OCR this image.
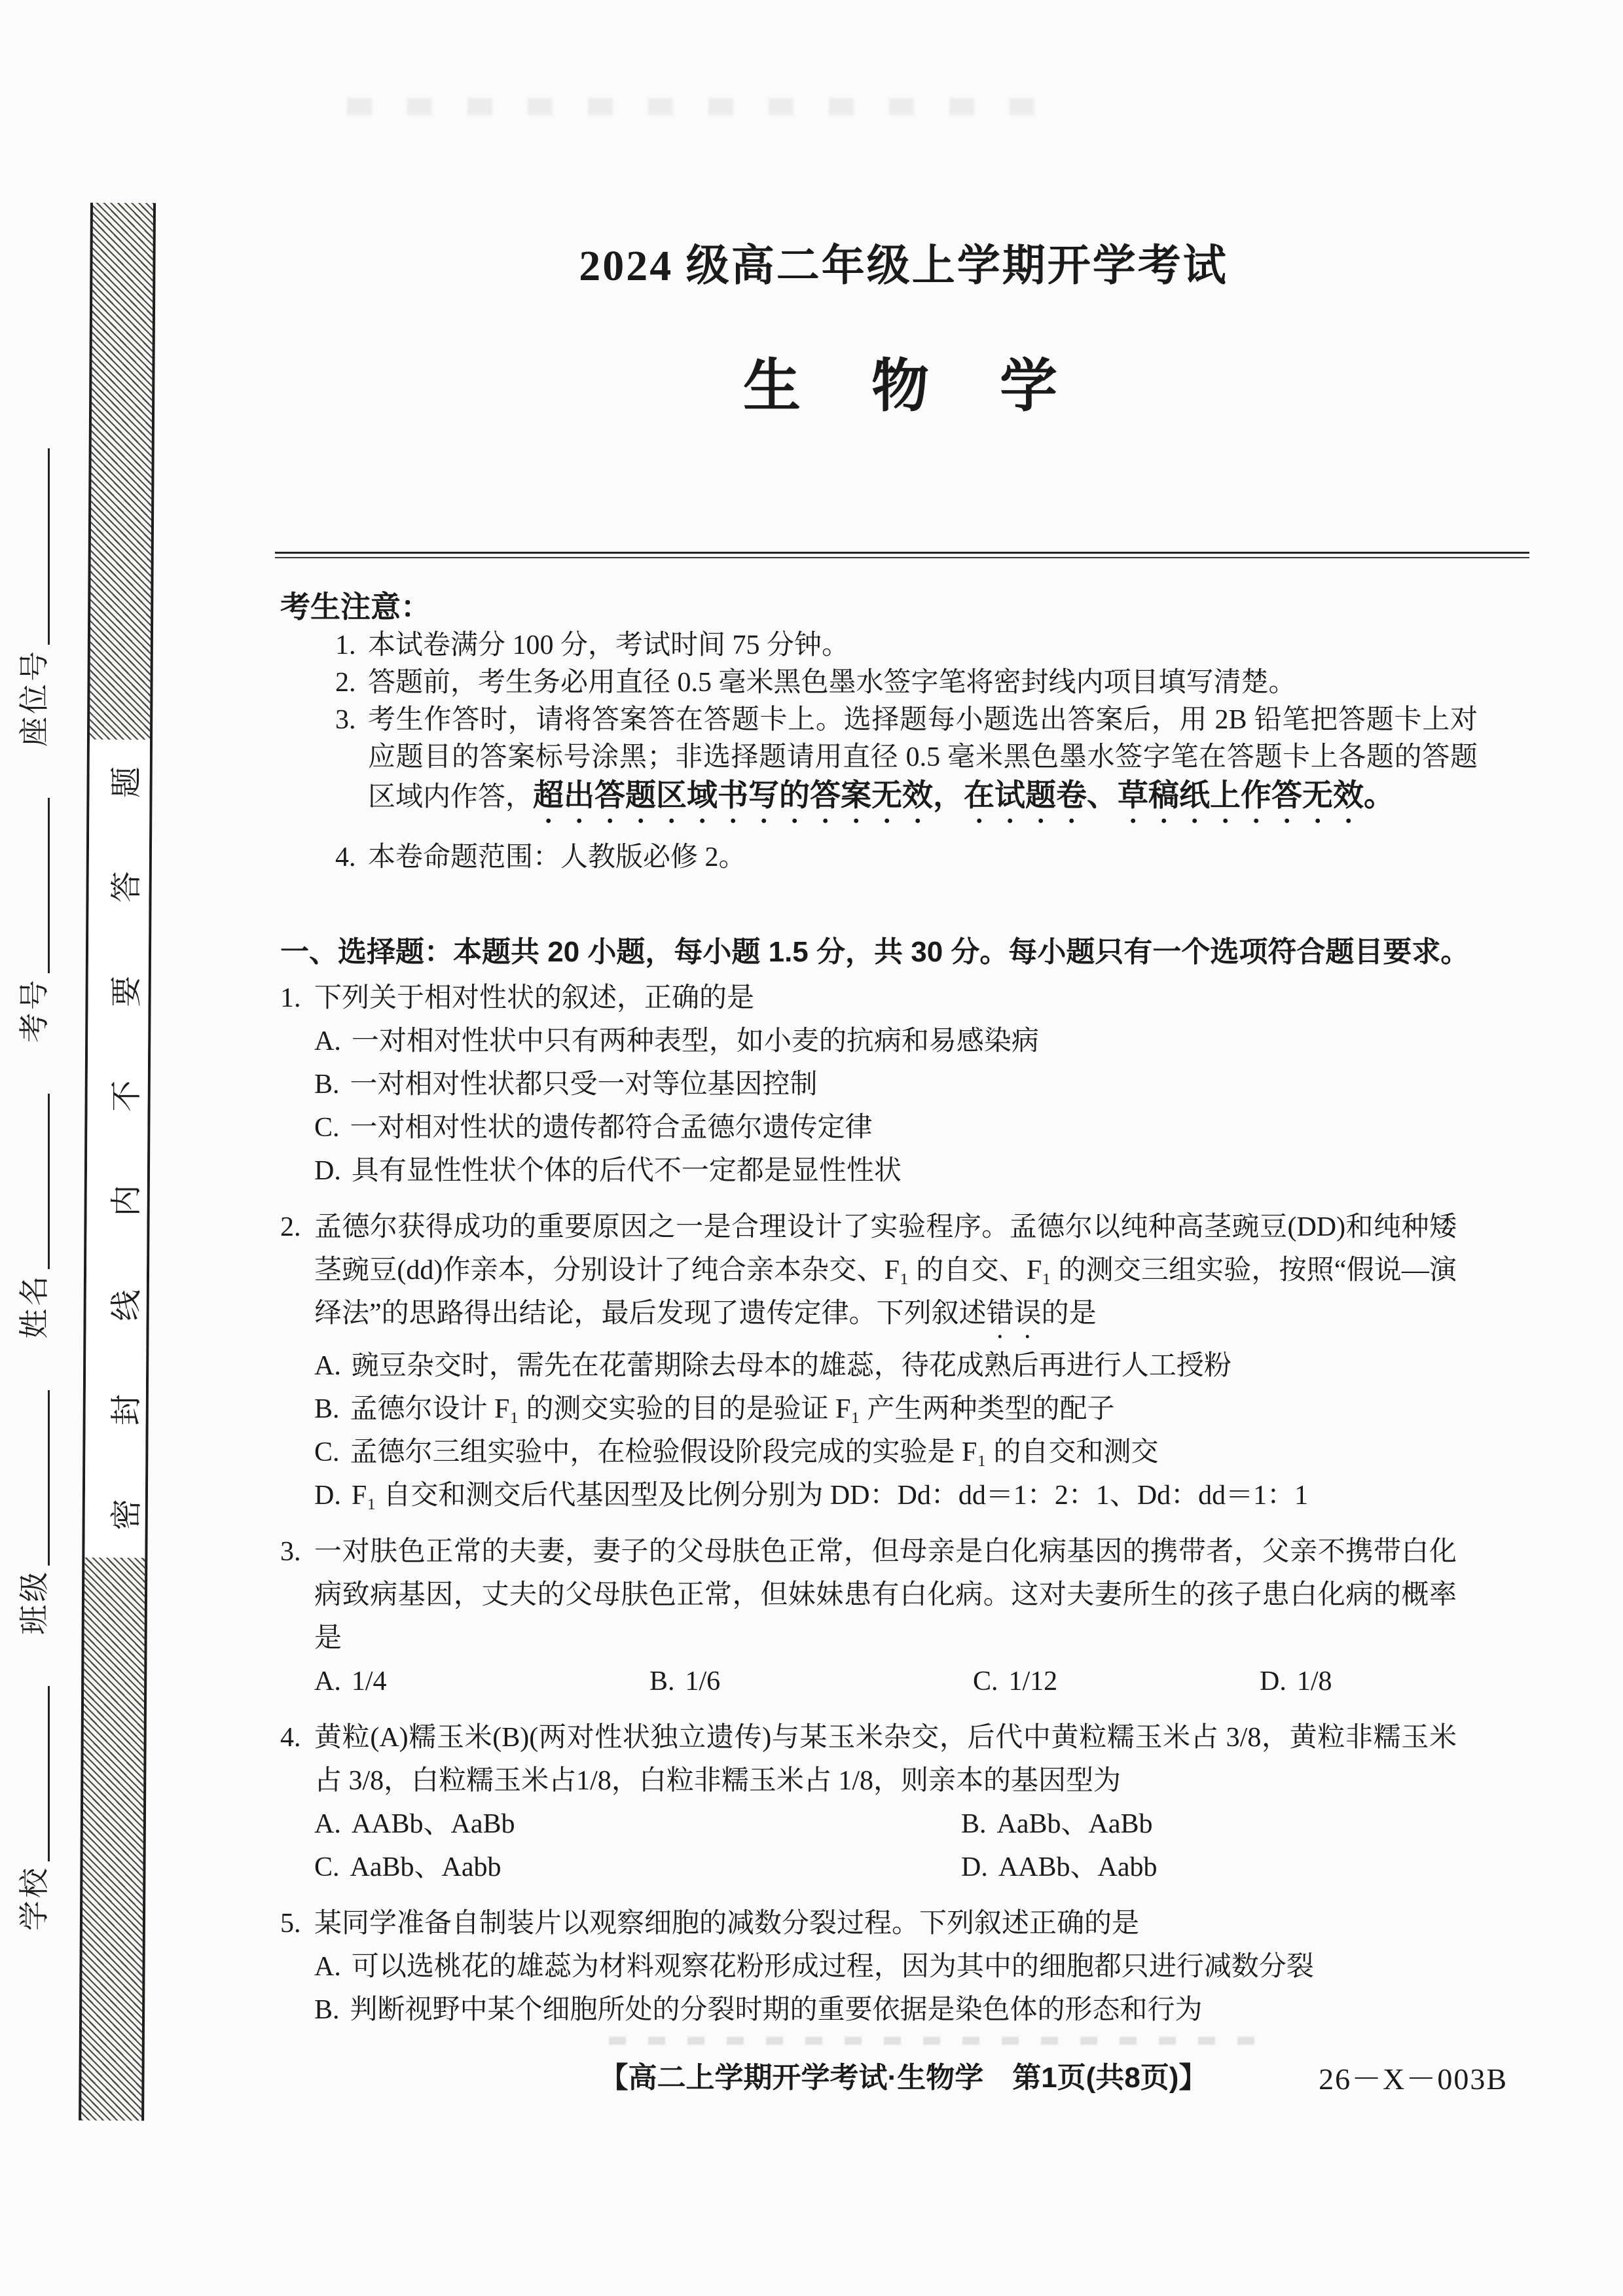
学校
班级
姓名
考号
座位号
密
封
线
内
不
要
答
题
2024 级高二年级上学期开学考试
生　物　学
考生注意：
1. 本试卷满分 100 分，考试时间 75 分钟。
2. 答题前，考生务必用直径 0.5 毫米黑色墨水签字笔将密封线内项目填写清楚。
3. 考生作答时，请将答案答在答题卡上。选择题每小题选出答案后，用 2B 铅笔把答题卡上对应题目的答案标号涂黑；非选择题请用直径 0.5 毫米黑色墨水签字笔在答题卡上各题的答题区域内作答，超出答题区域书写的答案无效，在试题卷、草稿纸上作答无效。
4. 本卷命题范围：人教版必修 2。
一、选择题：本题共 20 小题，每小题 1.5 分，共 30 分。每小题只有一个选项符合题目要求。
1. 下列关于相对性状的叙述，正确的是
A. 一对相对性状中只有两种表型，如小麦的抗病和易感染病
B. 一对相对性状都只受一对等位基因控制
C. 一对相对性状的遗传都符合孟德尔遗传定律
D. 具有显性性状个体的后代不一定都是显性性状
2. 孟德尔获得成功的重要原因之一是合理设计了实验程序。孟德尔以纯种高茎豌豆(DD)和纯种矮茎豌豆(dd)作亲本，分别设计了纯合亲本杂交、F₁ 的自交、F₁ 的测交三组实验，按照“假说—演绎法”的思路得出结论，最后发现了遗传定律。下列叙述错误的是
A. 豌豆杂交时，需先在花蕾期除去母本的雄蕊，待花成熟后再进行人工授粉
B. 孟德尔设计 F₁ 的测交实验的目的是验证 F₁ 产生两种类型的配子
C. 孟德尔三组实验中，在检验假设阶段完成的实验是 F₁ 的自交和测交
D. F₁ 自交和测交后代基因型及比例分别为 DD：Dd：dd＝1：2：1、Dd：dd＝1：1
3. 一对肤色正常的夫妻，妻子的父母肤色正常，但母亲是白化病基因的携带者，父亲不携带白化病致病基因，丈夫的父母肤色正常，但妹妹患有白化病。这对夫妻所生的孩子患白化病的概率是
A. 1/4	B. 1/6	C. 1/12	D. 1/8
4. 黄粒(A)糯玉米(B)(两对性状独立遗传)与某玉米杂交，后代中黄粒糯玉米占 3/8，黄粒非糯玉米占 3/8，白粒糯玉米占1/8，白粒非糯玉米占 1/8，则亲本的基因型为
A. AABb、AaBb	B. AaBb、AaBb
C. AaBb、Aabb	D. AABb、Aabb
5. 某同学准备自制装片以观察细胞的减数分裂过程。下列叙述正确的是
A. 可以选桃花的雄蕊为材料观察花粉形成过程，因为其中的细胞都只进行减数分裂
B. 判断视野中某个细胞所处的分裂时期的重要依据是染色体的形态和行为
【高二上学期开学考试·生物学　第1页(共8页)】	26－X－003B
